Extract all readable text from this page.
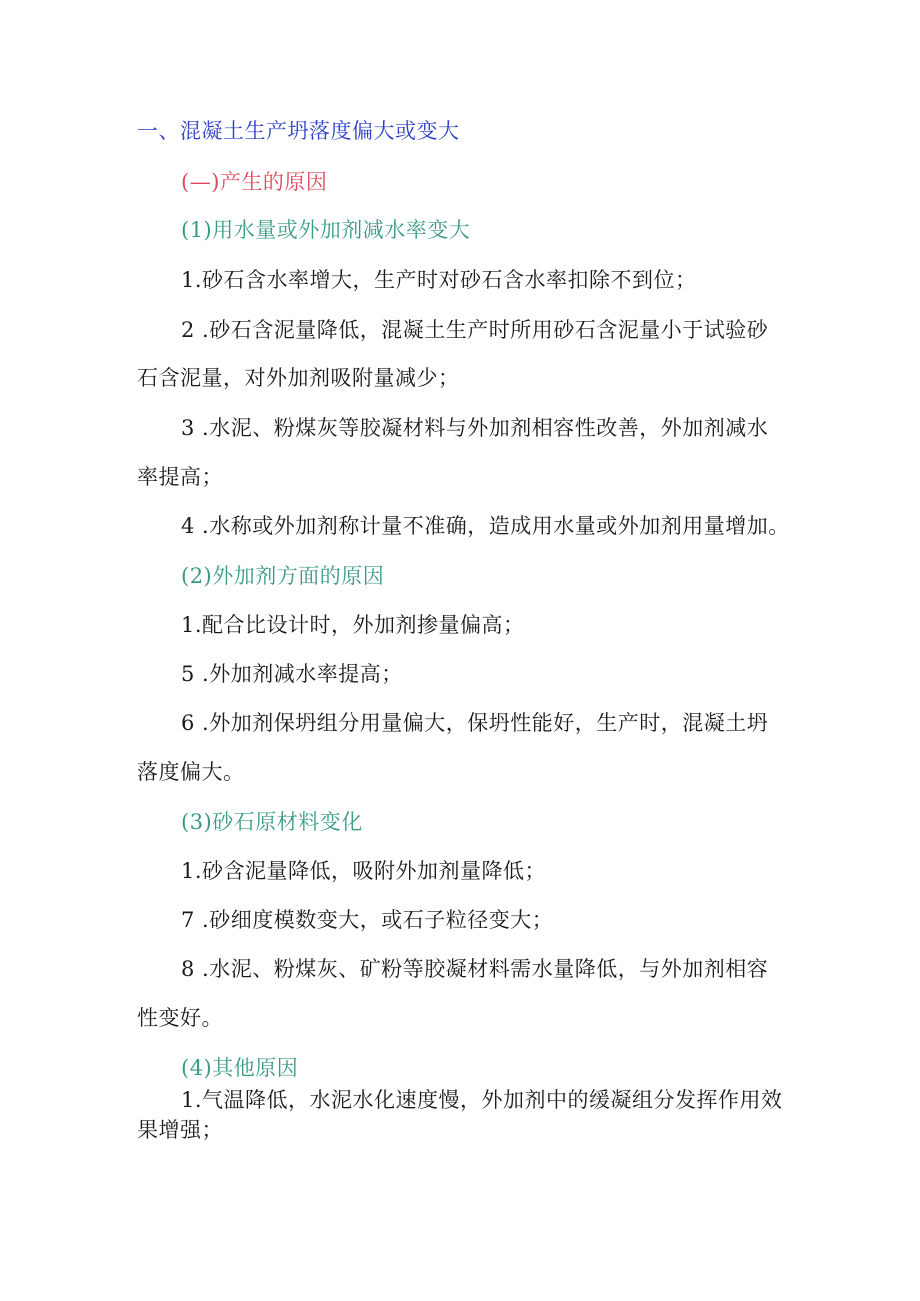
一、混凝土生产坍落度偏大或变大
(—)产生的原因
(1)用水量或外加剂减水率变大
1.砂石含水率增大，生产时对砂石含水率扣除不到位；
2 .砂石含泥量降低，混凝土生产时所用砂石含泥量小于试验砂
石含泥量，对外加剂吸附量减少；
3 .水泥、粉煤灰等胶凝材料与外加剂相容性改善，外加剂减水
率提高；
4 .水称或外加剂称计量不准确，造成用水量或外加剂用量增加。
(2)外加剂方面的原因
1.配合比设计时，外加剂掺量偏高；
5 .外加剂减水率提高；
6 .外加剂保坍组分用量偏大，保坍性能好，生产时，混凝土坍
落度偏大。
(3)砂石原材料变化
1.砂含泥量降低，吸附外加剂量降低；
7 .砂细度模数变大，或石子粒径变大；
8 .水泥、粉煤灰、矿粉等胶凝材料需水量降低，与外加剂相容
性变好。
(4)其他原因
1.气温降低，水泥水化速度慢，外加剂中的缓凝组分发挥作用效
果增强；
